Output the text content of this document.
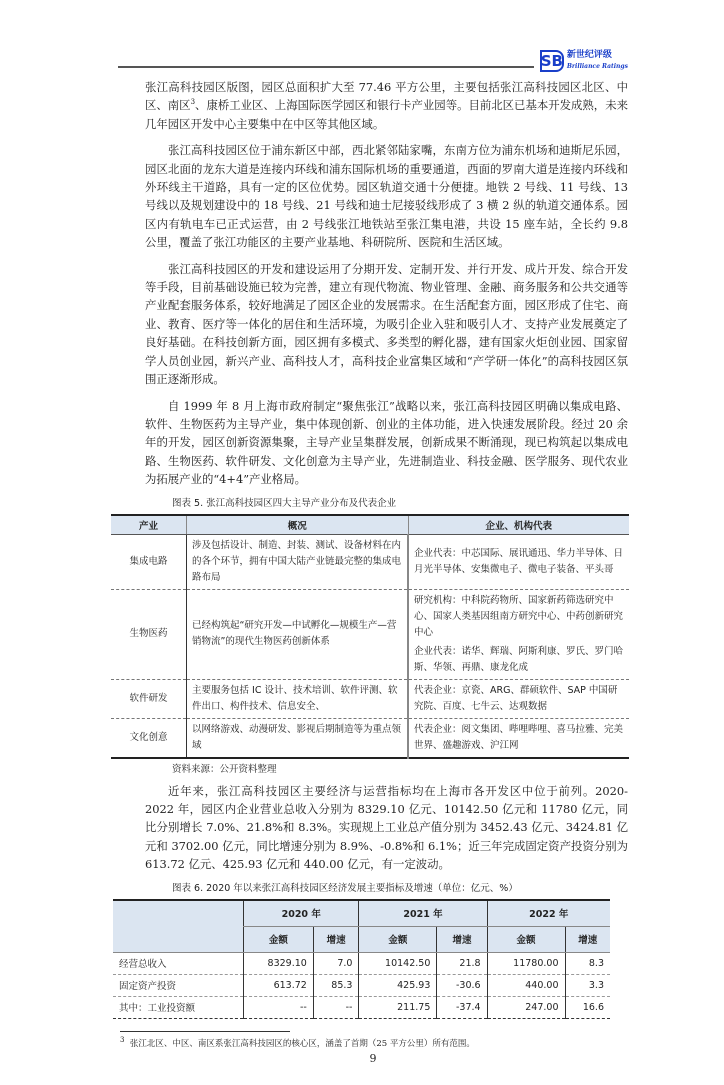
SB 新世纪评级
Brilliance Ratings
张江高科技园区版图，园区总面积扩大至 77.46 平方公里，主要包括张江高科技园区北区、中区、南区$^3$、康桥工业区、上海国际医学园区和银行卡产业园等。目前北区已基本开发成熟，未来几年园区开发中心主要集中在中区等其他区域。
张江高科技园区位于浦东新区中部，西北紧邻陆家嘴，东南方位为浦东机场和迪斯尼乐园，园区北面的龙东大道是连接内环线和浦东国际机场的重要通道，西面的罗南大道是连接内环线和外环线主干道路，具有一定的区位优势。园区轨道交通十分便捷。地铁 2 号线、11 号线、13 号线以及规划建设中的 18 号线、21 号线和迪士尼接驳线形成了 3 横 2 纵的轨道交通体系。园区内有轨电车已正式运营，由 2 号线张江地铁站至张江集电港，共设 15 座车站，全长约 9.8 公里，覆盖了张江功能区的主要产业基地、科研院所、医院和生活区域。
张江高科技园区的开发和建设运用了分期开发、定制开发、并行开发、成片开发、综合开发等手段，目前基础设施已较为完善，建立有现代物流、物业管理、金融、商务服务和公共交通等产业配套服务体系，较好地满足了园区企业的发展需求。在生活配套方面，园区形成了住宅、商业、教育、医疗等一体化的居住和生活环境，为吸引企业入驻和吸引人才、支持产业发展奠定了良好基础。在科技创新方面，园区拥有多模式、多类型的孵化器，建有国家火炬创业园、国家留学人员创业园，新兴产业、高科技人才，高科技企业富集区域和“产学研一体化”的高科技园区氛围正逐渐形成。
自 1999 年 8 月上海市政府制定“聚焦张江”战略以来，张江高科技园区明确以集成电路、软件、生物医药为主导产业，集中体现创新、创业的主体功能，进入快速发展阶段。经过 20 余年的开发，园区创新资源集聚，主导产业呈集群发展，创新成果不断涌现，现已构筑起以集成电路、生物医药、软件研发、文化创意为主导产业，先进制造业、科技金融、医学服务、现代农业为拓展产业的“4+4”产业格局。
图表 5. 张江高科技园区四大主导产业分布及代表企业
产业	概况	企业、机构代表
集成电路	涉及包括设计、制造、封装、测试、设备材料在内的各个环节，拥有中国大陆产业链最完整的集成电路布局	企业代表：中芯国际、展讯通迅、华力半导体、日月光半导体、安集微电子、微电子装备、平头哥
生物医药	已经构筑起“研究开发—中试孵化—规模生产—营销物流”的现代生物医药创新体系	研究机构：中科院药物所、国家新药筛选研究中心、国家人类基因组南方研究中心、中药创新研究中心
企业代表：诺华、辉瑞、阿斯利康、罗氏、罗门哈斯、华领、再鼎、康龙化成

软件研发	主要服务包括 IC 设计、技术培训、软件评测、软件出口、构件技术、信息安全、	代表企业：京瓷、ARG、群硕软件、SAP 中国研究院、百度、七牛云、达观数据
文化创意	以网络游戏、动漫研发、影视后期制造等为重点领域	代表企业：阅文集团、哔哩哔哩、喜马拉雅、完美世界、盛趣游戏、沪江网
资料来源：公开资料整理
近年来，张江高科技园区主要经济与运营指标均在上海市各开发区中位于前列。2020-2022 年，园区内企业营业总收入分别为 8329.10 亿元、10142.50 亿元和 11780 亿元，同比分别增长 7.0%、21.8%和 8.3%。实现规上工业总产值分别为 3452.43 亿元、3424.81 亿元和 3702.00 亿元，同比增速分别为 8.9%、-0.8%和 6.1%；近三年完成固定资产投资分别为 613.72 亿元、425.93 亿元和 440.00 亿元，有一定波动。
图表 6. 2020 年以来张江高科技园区经济发展主要指标及增速（单位：亿元、%）
	2020 年		2021 年		2022 年	
	金额	增速	金额	增速	金额	增速
经营总收入	8329.10	7.0	10142.50	21.8	11780.00	8.3
固定资产投资	613.72	85.3	425.93	-30.6	440.00	3.3
其中：工业投资额	--	--	211.75	-37.4	247.00	16.6
$^3$ 张江北区、中区、南区系张江高科技园区的核心区，涵盖了首期（25 平方公里）所有范围。
9
